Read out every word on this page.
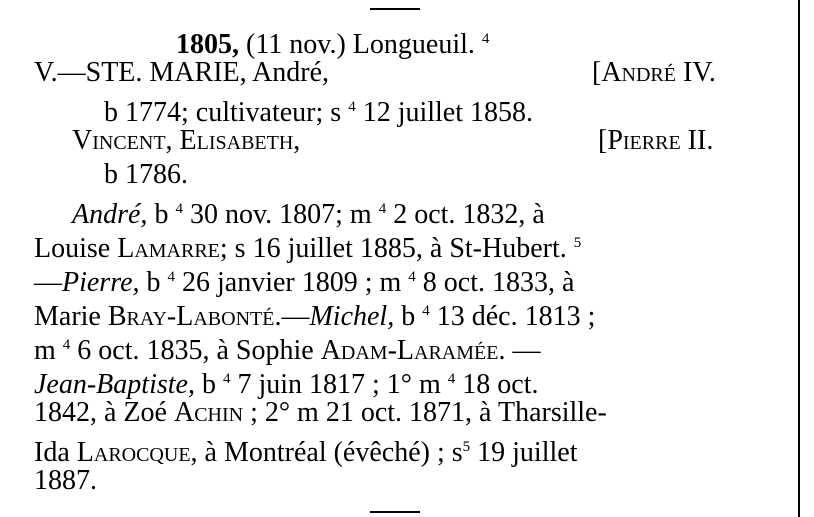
1805, (11 nov.) Longueuil. $^4$
V.—STE. MARIE, André,	[André IV.
b 1774; cultivateur; s $^4$ 12 juillet 1858.
Vincent, Elisabeth,	[Pierre II.
b 1786.
André, b $^4$ 30 nov. 1807; m $^4$ 2 oct. 1832, à
Louise Lamarre; s 16 juillet 1885, à St-Hubert. $^5$
—Pierre, b $^4$ 26 janvier 1809 ; m $^4$ 8 oct. 1833, à
Marie Bray-Labonté.—Michel, b $^4$ 13 déc. 1813 ;
m $^4$ 6 oct. 1835, à Sophie Adam-Laramée. —
Jean-Baptiste, b $^4$ 7 juin 1817 ; 1° m $^4$ 18 oct.
1842, à Zoé Achin ; 2° m 21 oct. 1871, à Tharsille-
Ida Larocque, à Montréal (évêché) ; $s^5$ 19 juillet
1887.
